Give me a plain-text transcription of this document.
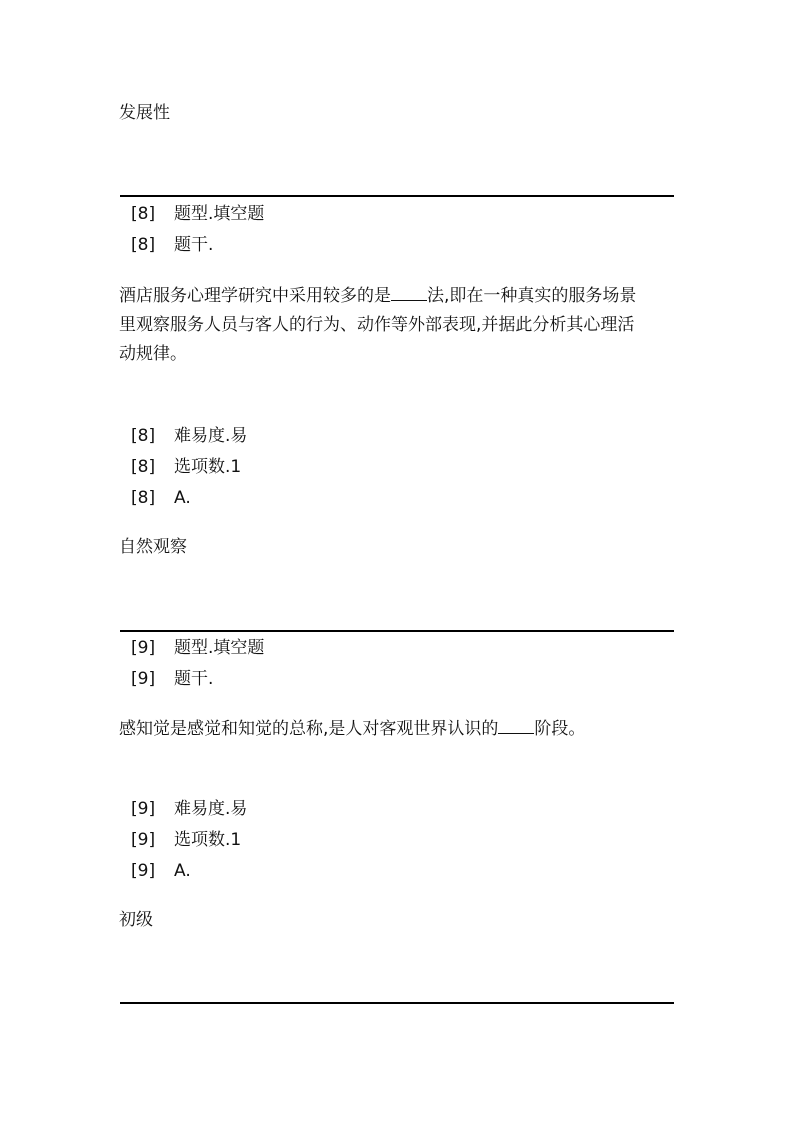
发展性
[8] 题型.填空题
[8] 题干.
酒店服务心理学研究中采用较多的是 法,即在一种真实的服务场景
里观察服务人员与客人的行为、动作等外部表现,并据此分析其心理活
动规律。
[8] 难易度.易
[8] 选项数.1
[8] A.
自然观察
[9] 题型.填空题
[9] 题干.
感知觉是感觉和知觉的总称,是人对客观世界认识的 阶段。
[9] 难易度.易
[9] 选项数.1
[9] A.
初级
